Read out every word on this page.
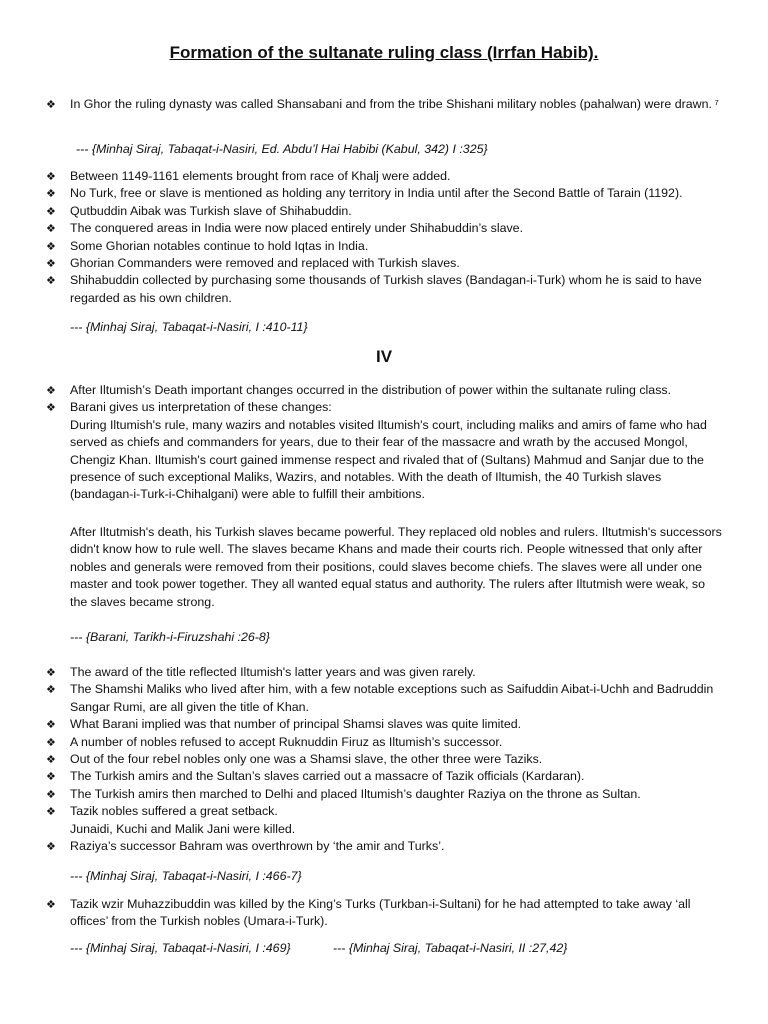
Formation of the sultanate ruling class (Irrfan Habib).
❖ In Ghor the ruling dynasty was called Shansabani and from the tribe Shishani military nobles (pahalwan) were drawn. ⁷
--- {Minhaj Siraj, Tabaqat-i-Nasiri, Ed. Abdu’l Hai Habibi (Kabul, 342) I :325}
❖ Between 1149-1161 elements brought from race of Khalj were added.
❖ No Turk, free or slave is mentioned as holding any territory in India until after the Second Battle of Tarain (1192).
❖ Qutbuddin Aibak was Turkish slave of Shihabuddin.
❖ The conquered areas in India were now placed entirely under Shihabuddin’s slave.
❖ Some Ghorian notables continue to hold Iqtas in India.
❖ Ghorian Commanders were removed and replaced with Turkish slaves.
❖ Shihabuddin collected by purchasing some thousands of Turkish slaves (Bandagan-i-Turk) whom he is said to have regarded as his own children.
--- {Minhaj Siraj, Tabaqat-i-Nasiri, I :410-11}
IV
❖ After Iltumish’s Death important changes occurred in the distribution of power within the sultanate ruling class.
❖ Barani gives us interpretation of these changes:
During Iltumish's rule, many wazirs and notables visited Iltumish's court, including maliks and amirs of fame who had served as chiefs and commanders for years, due to their fear of the massacre and wrath by the accused Mongol, Chengiz Khan. Iltumish's court gained immense respect and rivaled that of (Sultans) Mahmud and Sanjar due to the presence of such exceptional Maliks, Wazirs, and notables. With the death of Iltumish, the 40 Turkish slaves (bandagan-i-Turk-i-Chihalgani) were able to fulfill their ambitions.
After Iltutmish's death, his Turkish slaves became powerful. They replaced old nobles and rulers. Iltutmish's successors didn't know how to rule well. The slaves became Khans and made their courts rich. People witnessed that only after nobles and generals were removed from their positions, could slaves become chiefs. The slaves were all under one master and took power together. They all wanted equal status and authority. The rulers after Iltutmish were weak, so the slaves became strong.
--- {Barani, Tarikh-i-Firuzshahi :26-8}
❖ The award of the title reflected Iltumish's latter years and was given rarely.
❖ The Shamshi Maliks who lived after him, with a few notable exceptions such as Saifuddin Aibat-i-Uchh and Badruddin Sangar Rumi, are all given the title of Khan.
❖ What Barani implied was that number of principal Shamsi slaves was quite limited.
❖ A number of nobles refused to accept Ruknuddin Firuz as Iltumish’s successor.
❖ Out of the four rebel nobles only one was a Shamsi slave, the other three were Taziks.
❖ The Turkish amirs and the Sultan’s slaves carried out a massacre of Tazik officials (Kardaran).
❖ The Turkish amirs then marched to Delhi and placed Iltumish’s daughter Raziya on the throne as Sultan.
❖ Tazik nobles suffered a great setback.
Junaidi, Kuchi and Malik Jani were killed.
❖ Raziya’s successor Bahram was overthrown by ‘the amir and Turks’.
--- {Minhaj Siraj, Tabaqat-i-Nasiri, I :466-7}
❖ Tazik wzir Muhazzibuddin was killed by the King’s Turks (Turkban-i-Sultani) for he had attempted to take away ‘all offices’ from the Turkish nobles (Umara-i-Turk).
--- {Minhaj Siraj, Tabaqat-i-Nasiri, I :469}	--- {Minhaj Siraj, Tabaqat-i-Nasiri, II :27,42}
